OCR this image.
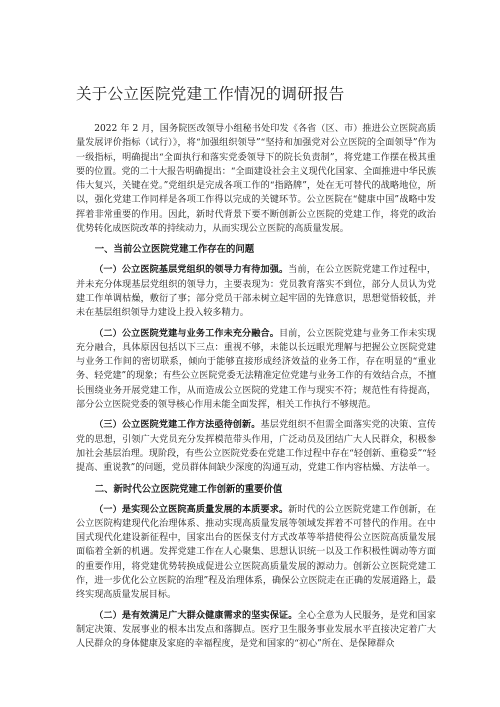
关于公立医院党建工作情况的调研报告

2022 年 2 月，国务院医改领导小组秘书处印发《各省（区、市）推进公立医院高质量发展评价指标（试行）》，将“加强组织领导”“坚持和加强党对公立医院的全面领导”作为一级指标，明确提出“全面执行和落实党委领导下的院长负责制”，将党建工作摆在极其重要的位置。党的二十大报告明确提出：“全面建设社会主义现代化国家、全面推进中华民族伟大复兴，关键在党。”党组织是完成各项工作的“指路牌”，处在无可替代的战略地位，所以，强化党建工作同样是各项工作得以完成的关键环节。公立医院在“健康中国”战略中发挥着非常重要的作用。因此，新时代背景下要不断创新公立医院的党建工作，将党的政治优势转化成医院改革的持续动力，从而实现公立医院的高质量发展。

一、当前公立医院党建工作存在的问题

（一）公立医院基层党组织的领导力有待加强。当前，在公立医院党建工作过程中，并未充分体现基层党组织的领导力，主要表现为：党员教育落实不到位，部分人员认为党建工作单调枯燥，敷衍了事；部分党员干部未树立起牢固的先锋意识，思想觉悟较低，并未在基层组织领导力建设上投入较多精力。

（二）公立医院党建与业务工作未充分融合。目前，公立医院党建与业务工作未实现充分融合，具体原因包括以下三点：重视不够，未能以长远眼光理解与把握公立医院党建与业务工作间的密切联系，倾向于能够直接形成经济效益的业务工作，存在明显的“重业务、轻党建”的现象；有些公立医院党委无法精准定位党建与业务工作的有效结合点，不擅长围绕业务开展党建工作，从而造成公立医院的党建工作与现实不符；规范性有待提高，部分公立医院党委的领导核心作用未能全面发挥，相关工作执行不够规范。

（三）公立医院党建工作方法亟待创新。基层党组织不但需全面落实党的决策、宣传党的思想，引领广大党员充分发挥模范带头作用，广泛动员及团结广大人民群众，积极参加社会基层治理。现阶段，有些公立医院党委在党建工作过程中存在“轻创新、重稳妥”“轻提高、重说教”的问题，党员群体间缺少深度的沟通互动，党建工作内容枯燥、方法单一。

二、新时代公立医院党建工作创新的重要价值

（一）是实现公立医院高质量发展的本质要求。新时代的公立医院党建工作创新，在公立医院构建现代化治理体系、推动实现高质量发展等领域发挥着不可替代的作用。在中国式现代化建设新征程中，国家出台的医保支付方式改革等举措使得公立医院高质量发展面临着全新的机遇。发挥党建工作在人心聚集、思想认识统一以及工作积极性调动等方面的重要作用，将党建优势转换成促进公立医院高质量发展的源动力。创新公立医院党建工作，进一步优化公立医院的治理”程及治理体系，确保公立医院走在正确的发展道路上，最终实现高质量发展目标。

（二）是有效满足广大群众健康需求的坚实保证。全心全意为人民服务，是党和国家制定决策、发展事业的根本出发点和落脚点。医疗卫生服务事业发展水平直接决定着广大人民群众的身体健康及家庭的幸福程度，是党和国家的“初心”所在、是保障群众
